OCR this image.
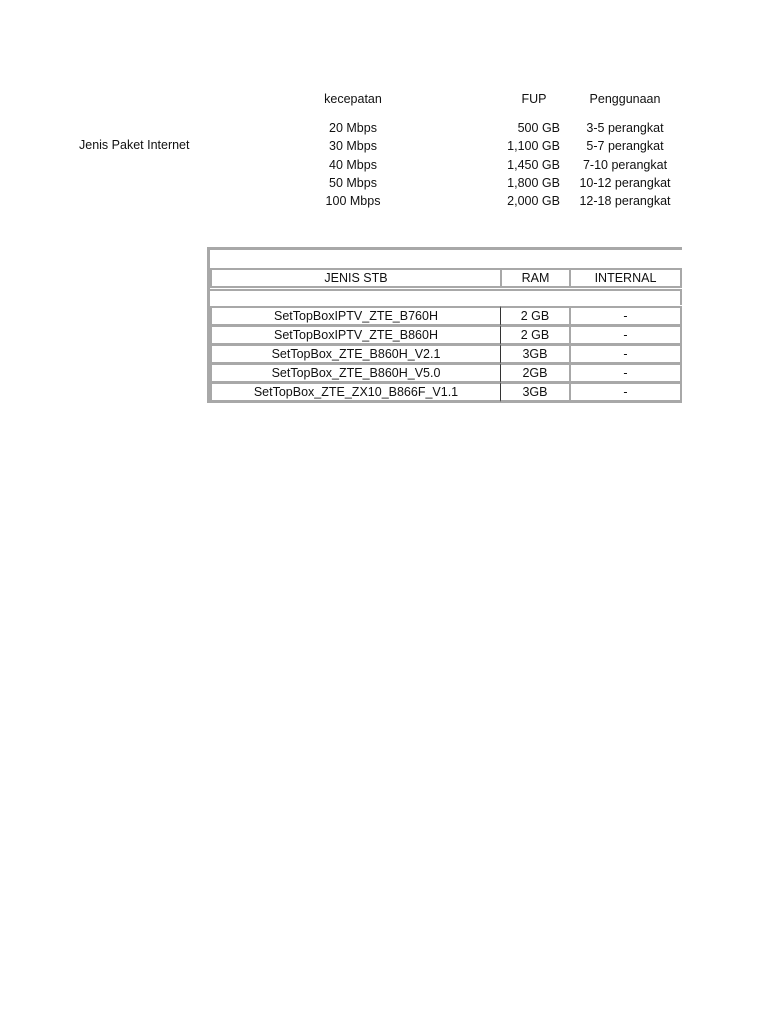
Jenis Paket Internet
kecepatan	FUP	Penggunaan
20 Mbps	500 GB	3-5 perangkat
30 Mbps	1,100 GB	5-7 perangkat
40 Mbps	1,450 GB	7-10 perangkat
50 Mbps	1,800 GB	10-12 perangkat
100 Mbps	2,000 GB	12-18 perangkat
JENIS STB	RAM	INTERNAL
SetTopBoxIPTV_ZTE_B760H	2 GB	-
SetTopBoxIPTV_ZTE_B860H	2 GB	-
SetTopBox_ZTE_B860H_V2.1	3GB	-
SetTopBox_ZTE_B860H_V5.0	2GB	-
SetTopBox_ZTE_ZX10_B866F_V1.1	3GB	-
